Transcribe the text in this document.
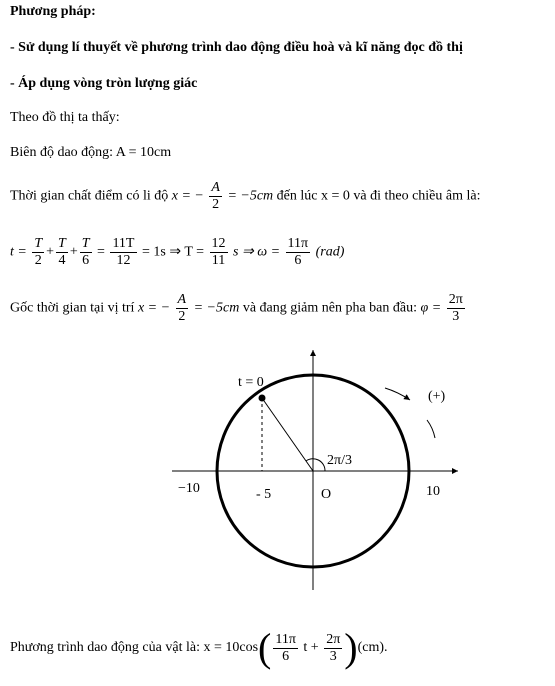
Phương pháp:
- Sử dụng lí thuyết về phương trình dao động điều hoà và kĩ năng đọc đồ thị
- Áp dụng vòng tròn lượng giác
Theo đồ thị ta thấy:
Biên độ dao động: A = 10cm
Thời gian chất điểm có li độ x = − $\frac{A}{2} = -5cm$ đến lúc x = 0 và đi theo chiều âm là:
$t = \frac{T}{2} + \frac{T}{4} + \frac{T}{6} = \frac{11T}{12} = 1s$ ⇒ $T = \frac{12}{11}$ s ⇒ $\omega = \frac{11\pi}{6} (rad)$
Gốc thời gian tại vị trí x = − $\frac{A}{2} = -5cm$ và đang giảm nên pha ban đầu: $\varphi = \frac{2\pi}{3}$
t = 0
(+)
2π/3
−10	- 5	O	10
Phương trình dao động của vật là: $x = 10\cos( \frac{11\pi}{6}$ $t + \frac{2\pi}{3} )(cm)$.
